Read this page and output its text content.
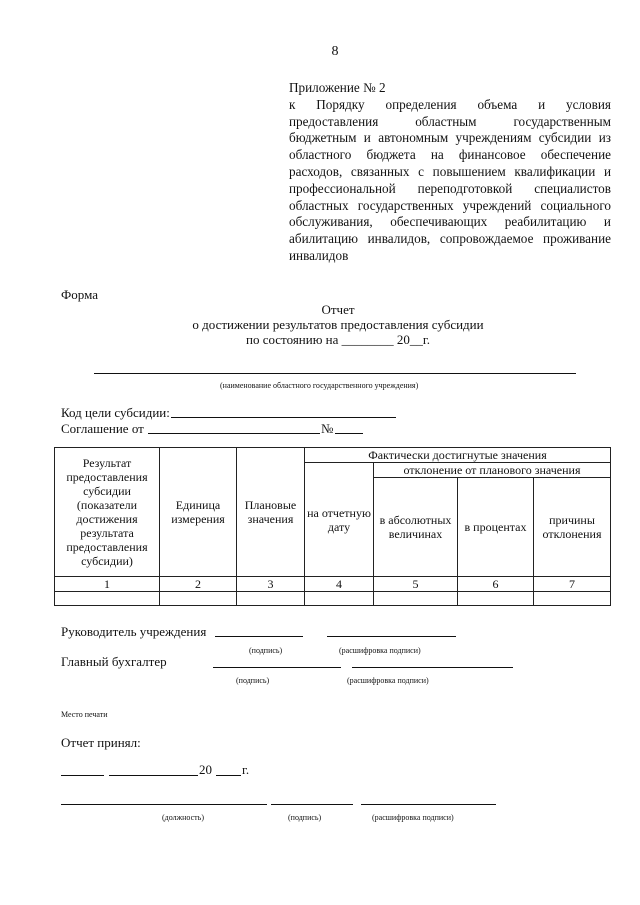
8
Приложение № 2
к Порядку определения объема и условия предоставления областным государственным бюджетным и автономным учреждениям субсидии из областного бюджета на финансовое обеспечение расходов, связанных с повышением квалификации и профессиональной переподготовкой специалистов областных государственных учреждений социального обслуживания, обеспечивающих реабилитацию и абилитацию инвалидов, сопровождаемое проживание инвалидов
Форма
Отчет
о достижении результатов предоставления субсидии
по состоянию на ________ 20__г.
(наименование областного государственного учреждения)
Код цели субсидии:
Соглашение от	№
Результат предоставления субсидии (показатели достижения результата предоставления субсидии)	Единица измерения	Плановые значения	Фактически достигнутые значения			
			на отчетную дату	отклонение от планового значения		
				в абсолютных величинах	в процентах	причины отклонения
1	2	3	4	5	6	7

Руководитель учреждения
(подпись)	(расшифровка подписи)
Главный бухгалтер
(подпись)	(расшифровка подписи)
Место печати
Отчет принял:
20 г.
(должность)	(подпись)	(расшифровка подписи)
